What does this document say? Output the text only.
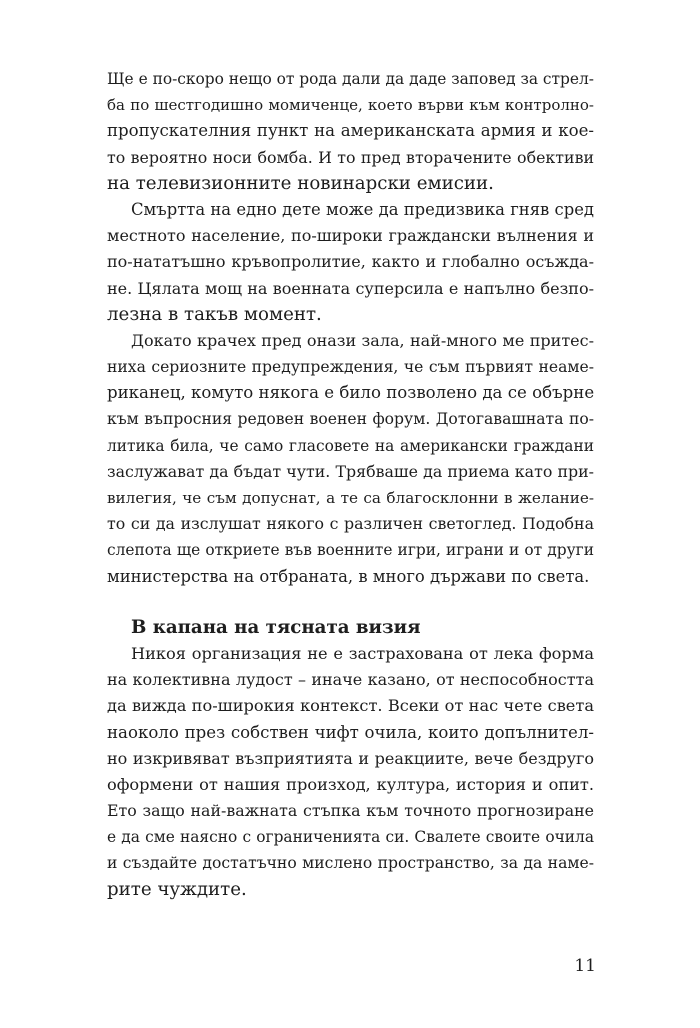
Ще е по-скоро нещо от рода дали да даде заповед за стрел-
ба по шестгодишно момиченце, което върви към контролно-
пропускателния пункт на американската армия и кое-
то вероятно носи бомба. И то пред вторачените обективи
на телевизионните новинарски емисии.
Смъртта на едно дете може да предизвика гняв сред
местното население, по-широки граждански вълнения и
по-нататъшно кръвопролитие, както и глобално осъжда-
не. Цялата мощ на военната суперсила е напълно безпо-
лезна в такъв момент.
Докато крачех пред онази зала, най-много ме притес-
ниха сериозните предупреждения, че съм първият неаме-
риканец, комуто някога е било позволено да се обърне
към въпросния редовен военен форум. Дотогавашната по-
литика била, че само гласовете на американски граждани
заслужават да бъдат чути. Трябваше да приема като при-
вилегия, че съм допуснат, а те са благосклонни в желание-
то си да изслушат някого с различен светоглед. Подобна
слепота ще откриете във военните игри, играни и от други
министерства на отбраната, в много държави по света.
В капана на тясната визия
Никоя организация не е застрахована от лека форма
на колективна лудост – иначе казано, от неспособността
да вижда по-широкия контекст. Всеки от нас чете света
наоколо през собствен чифт очила, които допълнител-
но изкривяват възприятията и реакциите, вече бездруго
оформени от нашия произход, култура, история и опит.
Ето защо най-важната стъпка към точното прогнозиране
е да сме наясно с ограниченията си. Свалете своите очила
и създайте достатъчно мислено пространство, за да наме-
рите чуждите.
11
